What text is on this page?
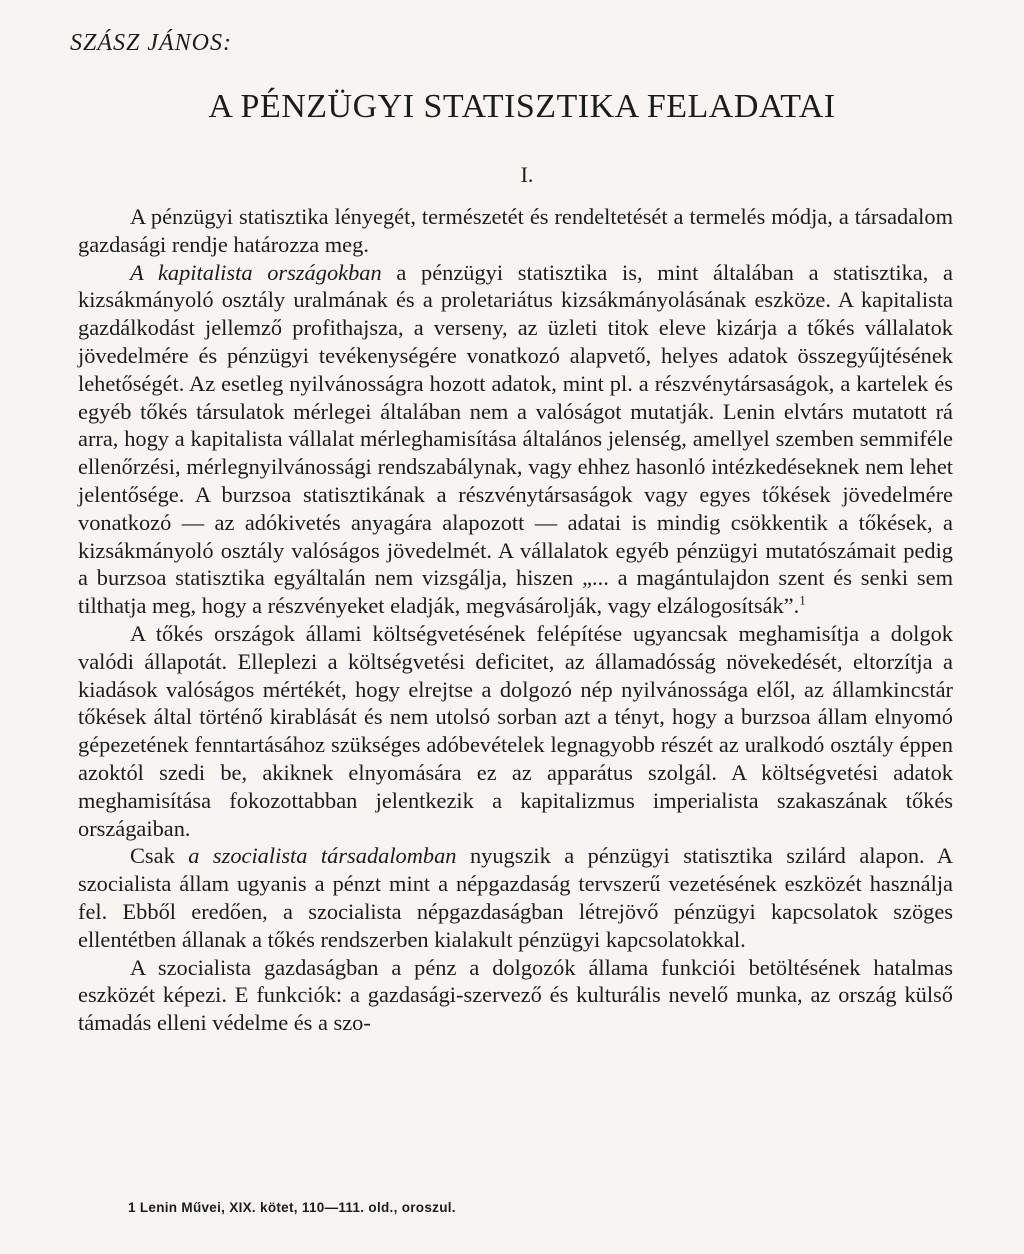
SZÁSZ JÁNOS:
A PÉNZÜGYI STATISZTIKA FELADATAI
I.

A pénzügyi statisztika lényegét, természetét és rendeltetését a termelés módja, a társadalom gazdasági rendje határozza meg.

A kapitalista országokban a pénzügyi statisztika is, mint általában a statisztika, a kizsákmányoló osztály uralmának és a proletariátus kizsákmányolásának eszköze. A kapitalista gazdálkodást jellemző profithajsza, a verseny, az üzleti titok eleve kizárja a tőkés vállalatok jövedelmére és pénzügyi tevékenységére vonatkozó alapvető, helyes adatok összegyűjtésének lehetőségét. Az esetleg nyilvánosságra hozott adatok, mint pl. a részvénytársaságok, a kartelek és egyéb tőkés társulatok mérlegei általában nem a valóságot mutatják. Lenin elvtárs mutatott rá arra, hogy a kapitalista vállalat mérleghamisítása általános jelenség, amellyel szemben semmiféle ellenőrzési, mérlegnyilvánossági rendszabálynak, vagy ehhez hasonló intézkedéseknek nem lehet jelentősége. A burzsoa statisztikának a részvénytársaságok vagy egyes tőkések jövedelmére vonatkozó — az adókivetés anyagára alapozott — adatai is mindig csökkentik a tőkések, a kizsákmányoló osztály valóságos jövedelmét. A vállalatok egyéb pénzügyi mutatószámait pedig a burzsoa statisztika egyáltalán nem vizsgálja, hiszen „... a magántulajdon szent és senki sem tilthatja meg, hogy a részvényeket eladják, megvásárolják, vagy elzálogosítsák”.$^1$

A tőkés országok állami költségvetésének felépítése ugyancsak meghamisítja a dolgok valódi állapotát. Elleplezi a költségvetési deficitet, az államadósság növekedését, eltorzítja a kiadások valóságos mértékét, hogy elrejtse a dolgozó nép nyilvánossága elől, az államkincstár tőkések által történő kirablását és nem utolsó sorban azt a tényt, hogy a burzsoa állam elnyomó gépezetének fenntartásához szükséges adóbevételek legnagyobb részét az uralkodó osztály éppen azoktól szedi be, akiknek elnyomására ez az apparátus szolgál. A költségvetési adatok meghamisítása fokozottabban jelentkezik a kapitalizmus imperialista szakaszának tőkés országaiban.

Csak a szocialista társadalomban nyugszik a pénzügyi statisztika szilárd alapon. A szocialista állam ugyanis a pénzt mint a népgazdaság tervszerű vezetésének eszközét használja fel. Ebből eredően, a szocialista népgazdaságban létrejövő pénzügyi kapcsolatok szöges ellentétben állanak a tőkés rendszerben kialakult pénzügyi kapcsolatokkal.

A szocialista gazdaságban a pénz a dolgozók állama funkciói betöltésének hatalmas eszközét képezi. E funkciók: a gazdasági-szervező és kulturális nevelő munka, az ország külső támadás elleni védelme és a szo-

1 Lenin Művei, XIX. kötet, 110—111. old., oroszul.
